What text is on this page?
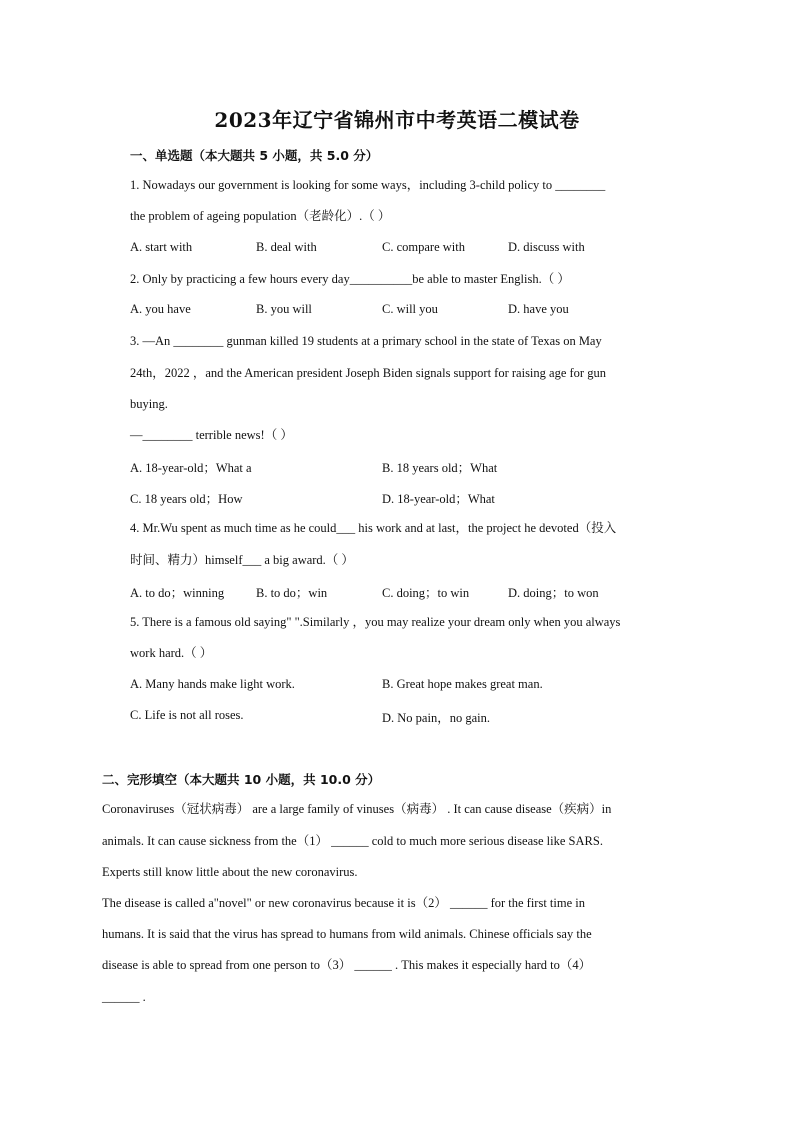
2023年辽宁省锦州市中考英语二模试卷
一、单选题（本大题共 5 小题，共 5.0 分）
1. Nowadays our government is looking for some ways，including 3-child policy to ________
the problem of ageing population（老龄化）.（ ）
A. start with	B. deal with	C. compare with	D. discuss with
2. Only by practicing a few hours every day__________be able to master English.（ ）
A. you have	B. you will	C. will you	D. have you
3. —An ________ gunman killed 19 students at a primary school in the state of Texas on May
24th，2022 ，and the American president Joseph Biden signals support for raising age for gun
buying.
—________ terrible news!（ ）
A. 18-year-old；What a	B. 18 years old；What
C. 18 years old；How	D. 18-year-old；What
4. Mr.Wu spent as much time as he could___ his work and at last，the project he devoted（投入
时间、精力）himself___ a big award.（ ）
A. to do；winning	B. to do；win	C. doing；to win	D. doing；to won
5. There is a famous old saying" ".Similarly ，you may realize your dream only when you always
work hard.（ ）
A. Many hands make light work.	B. Great hope makes great man.
C. Life is not all roses.	D. No pain，no gain.
二、完形填空（本大题共 10 小题，共 10.0 分）
Coronaviruses（冠状病毒） are a large family of vinuses（病毒） . It can cause disease（疾病）in
animals. It can cause sickness from the（1） ______ cold to much more serious disease like SARS.
Experts still know little about the new coronavirus.
The disease is called a"novel" or new coronavirus because it is（2） ______ for the first time in
humans. It is said that the virus has spread to humans from wild animals. Chinese officials say the
disease is able to spread from one person to（3） ______ . This makes it especially hard to（4）
______ .
